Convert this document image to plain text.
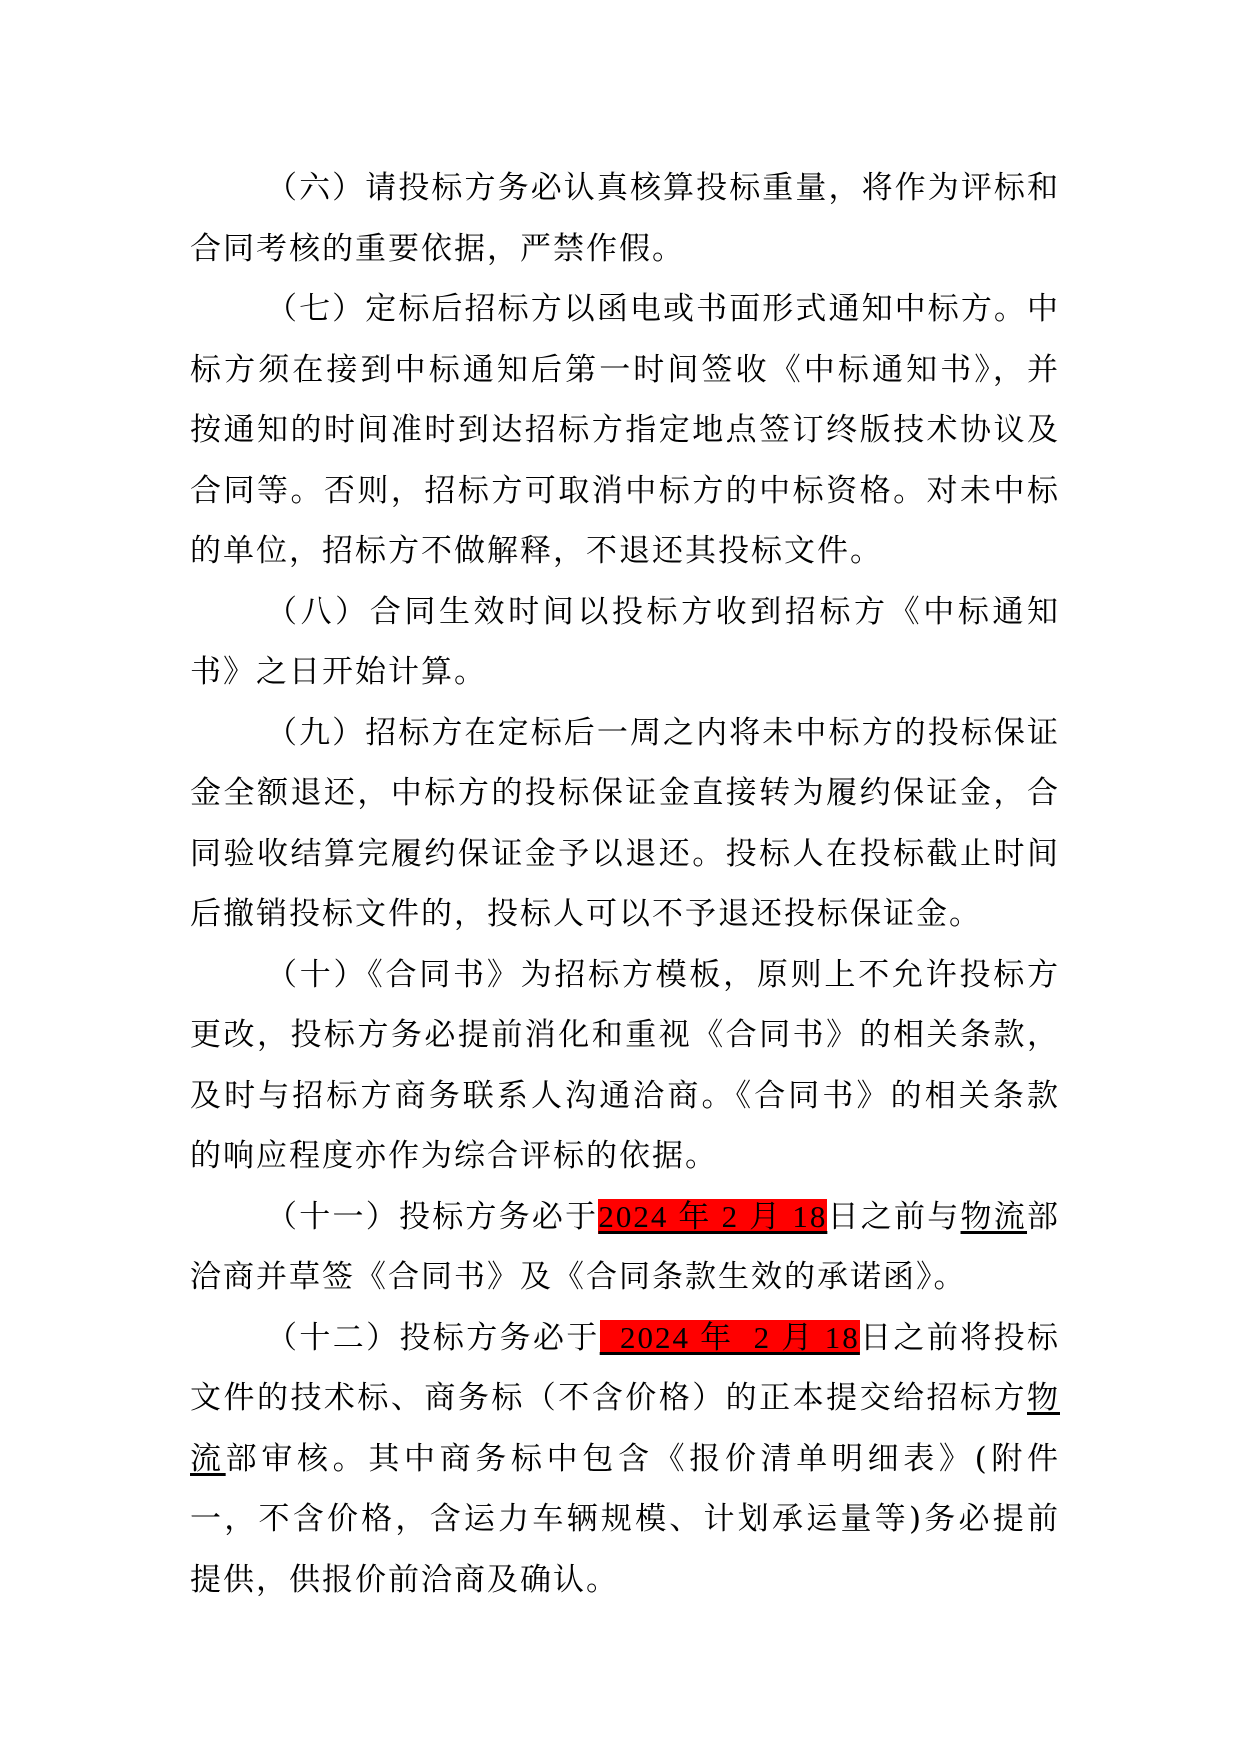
（六）请投标方务必认真核算投标重量，将作为评标和合同考核的重要依据，严禁作假。

（七）定标后招标方以函电或书面形式通知中标方。中标方须在接到中标通知后第一时间签收《中标通知书》，并按通知的时间准时到达招标方指定地点签订终版技术协议及合同等。否则，招标方可取消中标方的中标资格。对未中标的单位，招标方不做解释，不退还其投标文件。

（八）合同生效时间以投标方收到招标方《中标通知书》之日开始计算。

（九）招标方在定标后一周之内将未中标方的投标保证金全额退还，中标方的投标保证金直接转为履约保证金，合同验收结算完履约保证金予以退还。投标人在投标截止时间后撤销投标文件的，投标人可以不予退还投标保证金。

（十）《合同书》为招标方模板，原则上不允许投标方更改，投标方务必提前消化和重视《合同书》的相关条款，及时与招标方商务联系人沟通洽商。《合同书》的相关条款的响应程度亦作为综合评标的依据。

（十一）投标方务必于2024 年 2 月 18日之前与物流部洽商并草签《合同书》及《合同条款生效的承诺函》。

（十二）投标方务必于  2024 年  2 月 18日之前将投标文件的技术标、商务标（不含价格）的正本提交给招标方物流部审核。其中商务标中包含《报价清单明细表》(附件一，不含价格，含运力车辆规模、计划承运量等)务必提前提供，供报价前洽商及确认。
